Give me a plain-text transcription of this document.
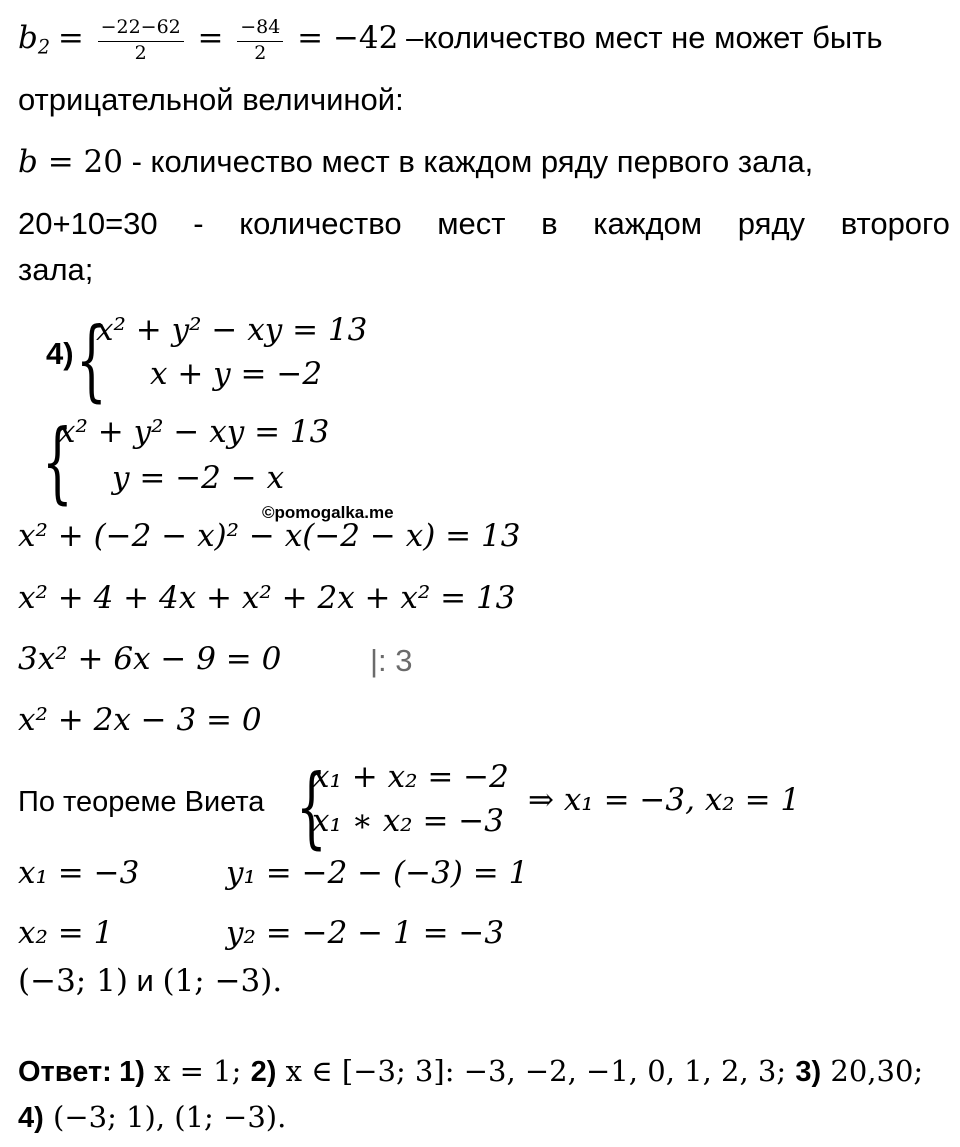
$b_2 = \frac{-22-62}{2} = \frac{-84}{2} = -42$ –количество мест не может быть
отрицательной величиной:
b = 20 - количество мест в каждом ряду первого зала,
20+10=30 - количество мест в каждом ряду второго
зала;
4) {
x² + y² − xy = 13
x + y = −2
{
x² + y² − xy = 13
y = −2 − x
©pomogalka.me
x² + (−2 − x)² − x(−2 − x) = 13
x² + 4 + 4x + x² + 2x + x² = 13
3x² + 6x − 9 = 0	|: 3
x² + 2x − 3 = 0
По теореме Виета {
x₁ + x₂ = −2
x₁ ∗ x₂ = −3
⇒ x₁ = −3, x₂ = 1
x₁ = −3	y₁ = −2 − (−3) = 1
x₂ = 1	y₂ = −2 − 1 = −3
(−3; 1) и (1; −3).
Ответ: 1) x = 1; 2) x ∈ [−3; 3]: −3, −2, −1, 0, 1, 2, 3; 3) 20,30;
4) (−3; 1), (1; −3).
